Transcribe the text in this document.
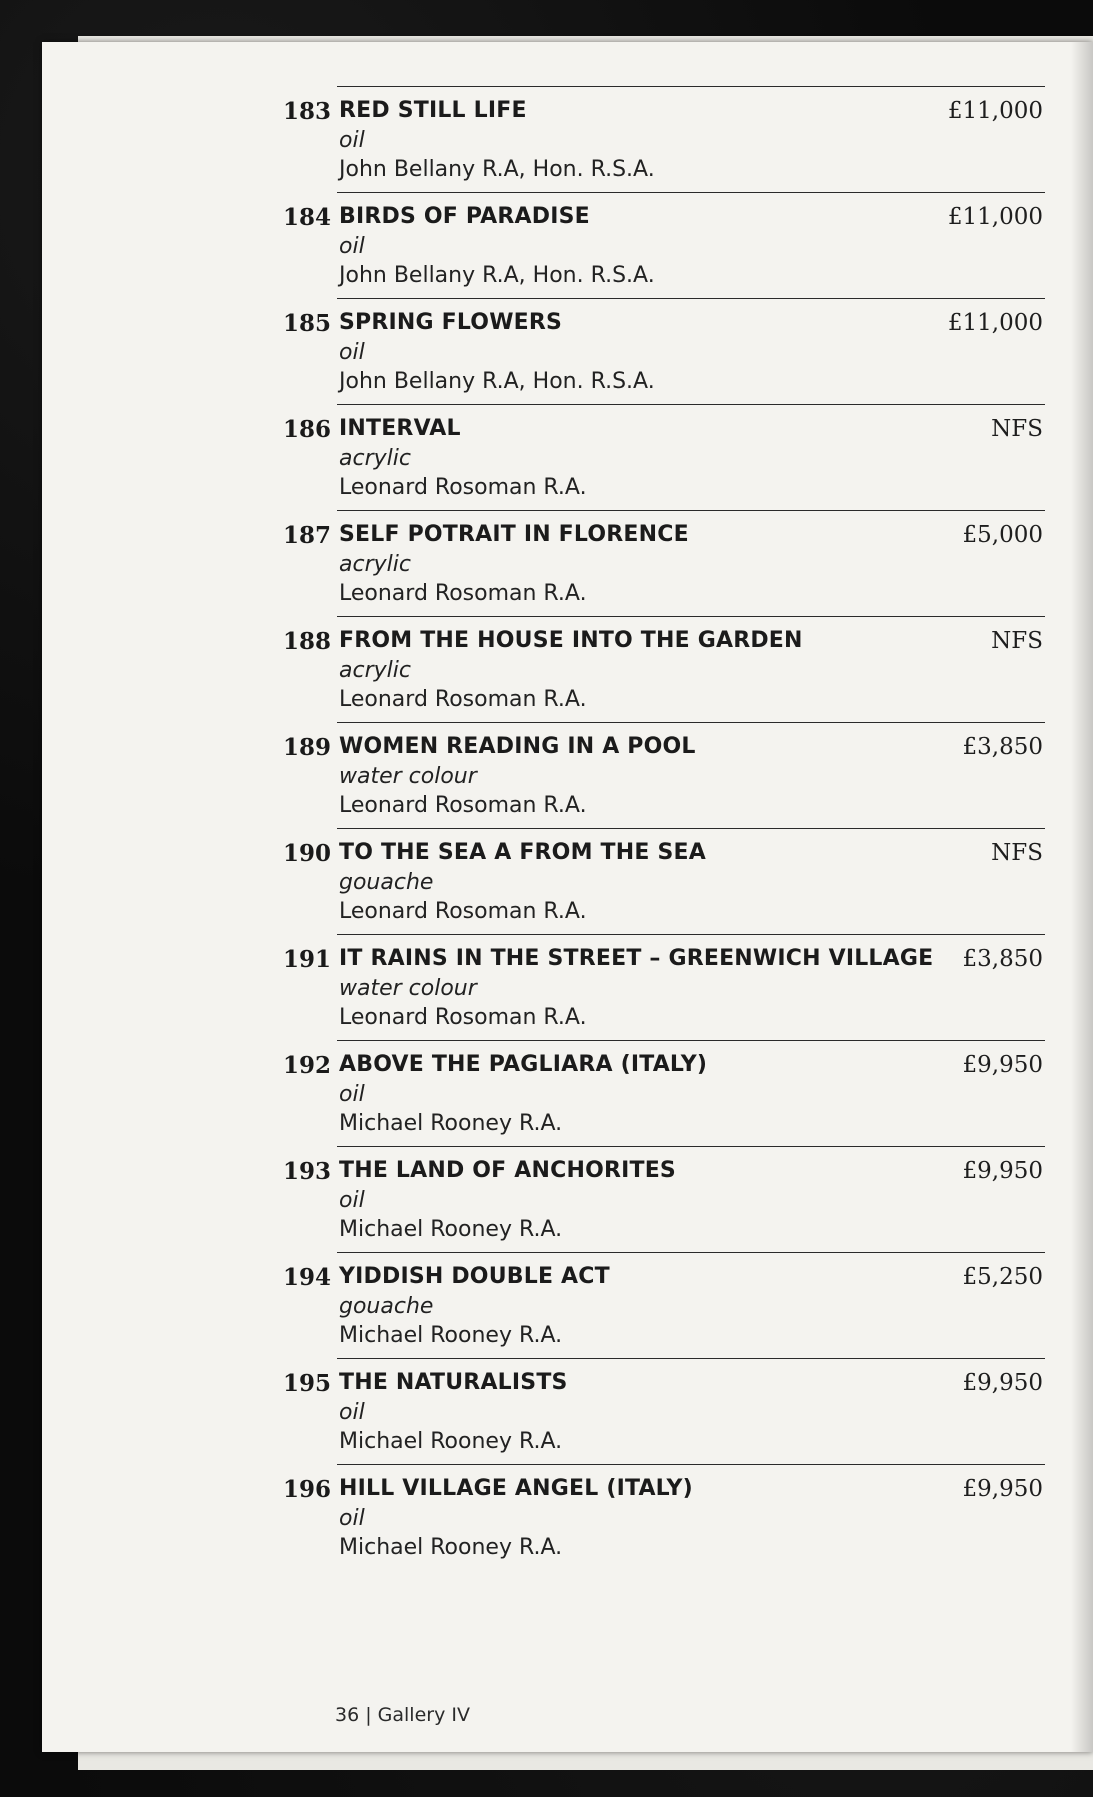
183 RED STILL LIFE
oil
John Bellany R.A, Hon. R.S.A.
£11,000
184 BIRDS OF PARADISE
oil
John Bellany R.A, Hon. R.S.A.
£11,000
185 SPRING FLOWERS
oil
John Bellany R.A, Hon. R.S.A.
£11,000
186 INTERVAL
acrylic
Leonard Rosoman R.A.
NFS
187 SELF POTRAIT IN FLORENCE
acrylic
Leonard Rosoman R.A.
£5,000
188 FROM THE HOUSE INTO THE GARDEN
acrylic
Leonard Rosoman R.A.
NFS
189 WOMEN READING IN A POOL
water colour
Leonard Rosoman R.A.
£3,850
190 TO THE SEA A FROM THE SEA
gouache
Leonard Rosoman R.A.
NFS
191 IT RAINS IN THE STREET – GREENWICH VILLAGE
water colour
Leonard Rosoman R.A.
£3,850
192 ABOVE THE PAGLIARA (ITALY)
oil
Michael Rooney R.A.
£9,950
193 THE LAND OF ANCHORITES
oil
Michael Rooney R.A.
£9,950
194 YIDDISH DOUBLE ACT
gouache
Michael Rooney R.A.
£5,250
195 THE NATURALISTS
oil
Michael Rooney R.A.
£9,950
196 HILL VILLAGE ANGEL (ITALY)
oil
Michael Rooney R.A.
£9,950
36 | Gallery IV
